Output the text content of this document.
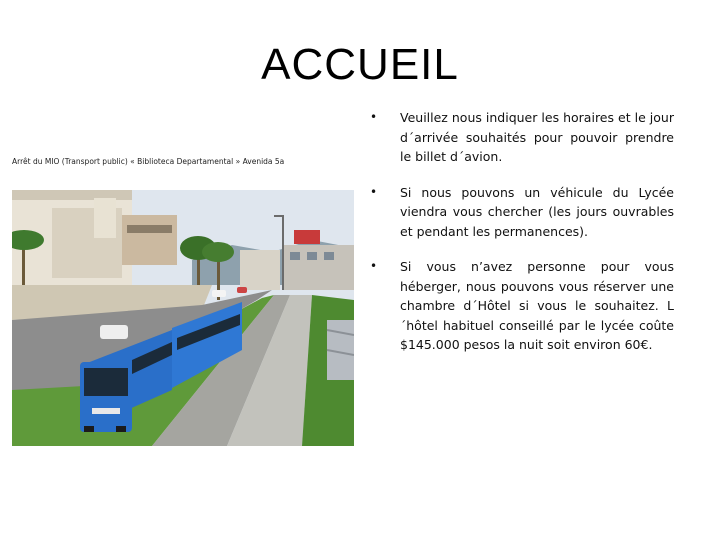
ACCUEIL
Arrêt du MIO (Transport public) « Biblioteca Departamental » Avenida 5a
• Veuillez nous indiquer les horaires et le jour d´arrivée souhaités pour pouvoir prendre le billet d´avion.
• Si nous pouvons un véhicule du Lycée viendra vous chercher (les jours ouvrables et pendant les permanences).
• Si vous n’avez personne pour vous héberger, nous pouvons vous réserver une chambre d´Hôtel si vous le souhaitez. L´hôtel habituel conseillé par le lycée coûte $145.000 pesos la nuit soit environ 60€.
